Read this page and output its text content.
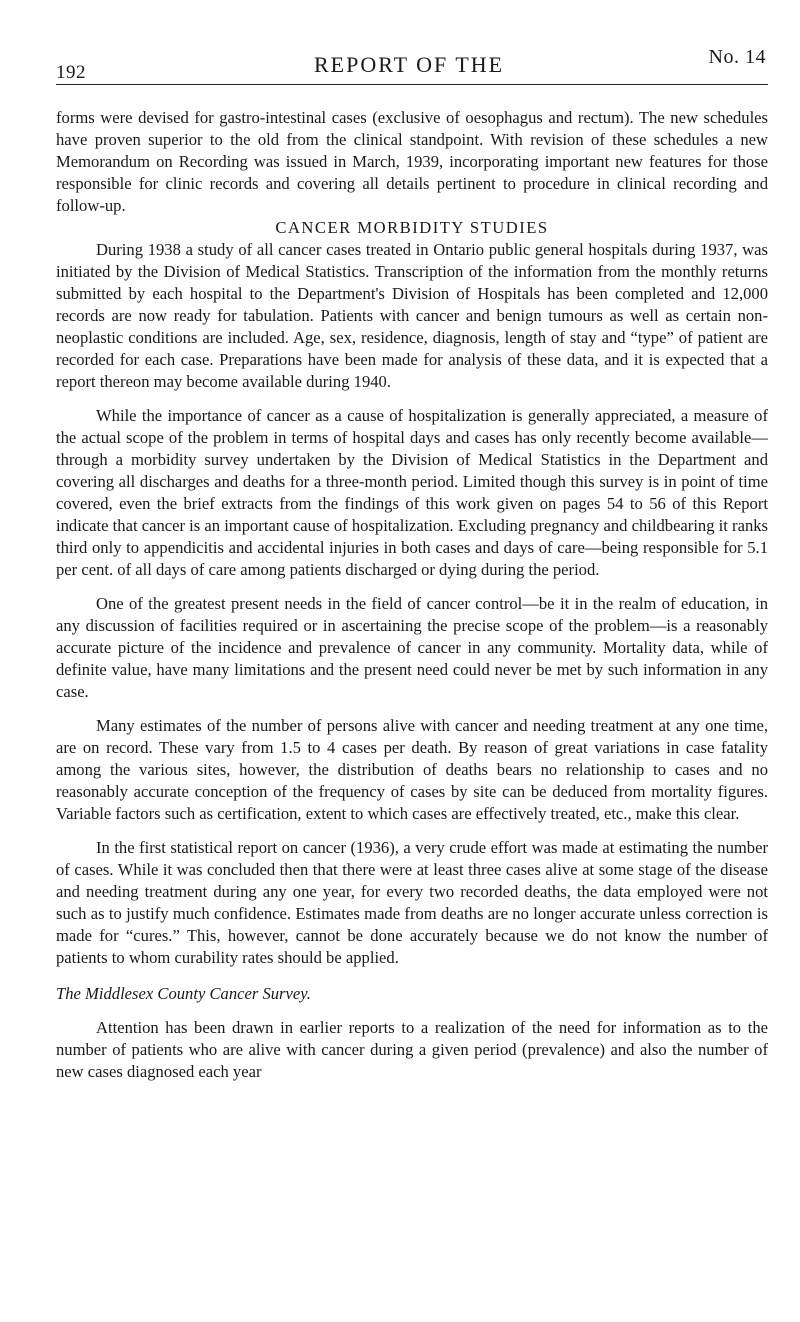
192	REPORT OF THE	No. 14

forms were devised for gastro-intestinal cases (exclusive of oesophagus and rectum). The new schedules have proven superior to the old from the clinical standpoint. With revision of these schedules a new Memorandum on Recording was issued in March, 1939, incorporating important new features for those responsible for clinic records and covering all details pertinent to procedure in clinical recording and follow-up.

CANCER MORBIDITY STUDIES

During 1938 a study of all cancer cases treated in Ontario public general hospitals during 1937, was initiated by the Division of Medical Statistics. Transcription of the information from the monthly returns submitted by each hospital to the Department's Division of Hospitals has been completed and 12,000 records are now ready for tabulation. Patients with cancer and benign tumours as well as certain non-neoplastic conditions are included. Age, sex, residence, diagnosis, length of stay and “type” of patient are recorded for each case. Preparations have been made for analysis of these data, and it is expected that a report thereon may become available during 1940.

While the importance of cancer as a cause of hospitalization is generally appreciated, a measure of the actual scope of the problem in terms of hospital days and cases has only recently become available—through a morbidity survey undertaken by the Division of Medical Statistics in the Department and covering all discharges and deaths for a three-month period. Limited though this survey is in point of time covered, even the brief extracts from the findings of this work given on pages 54 to 56 of this Report indicate that cancer is an important cause of hospitalization. Excluding pregnancy and childbearing it ranks third only to appendicitis and accidental injuries in both cases and days of care—being responsible for 5.1 per cent. of all days of care among patients discharged or dying during the period.

One of the greatest present needs in the field of cancer control—be it in the realm of education, in any discussion of facilities required or in ascertaining the precise scope of the problem—is a reasonably accurate picture of the incidence and prevalence of cancer in any community. Mortality data, while of definite value, have many limitations and the present need could never be met by such information in any case.

Many estimates of the number of persons alive with cancer and needing treatment at any one time, are on record. These vary from 1.5 to 4 cases per death. By reason of great variations in case fatality among the various sites, however, the distribution of deaths bears no relationship to cases and no reasonably accurate conception of the frequency of cases by site can be deduced from mortality figures. Variable factors such as certification, extent to which cases are effectively treated, etc., make this clear.

In the first statistical report on cancer (1936), a very crude effort was made at estimating the number of cases. While it was concluded then that there were at least three cases alive at some stage of the disease and needing treatment during any one year, for every two recorded deaths, the data employed were not such as to justify much confidence. Estimates made from deaths are no longer accurate unless correction is made for “cures.” This, however, cannot be done accurately because we do not know the number of patients to whom curability rates should be applied.

The Middlesex County Cancer Survey.

Attention has been drawn in earlier reports to a realization of the need for information as to the number of patients who are alive with cancer during a given period (prevalence) and also the number of new cases diagnosed each year
